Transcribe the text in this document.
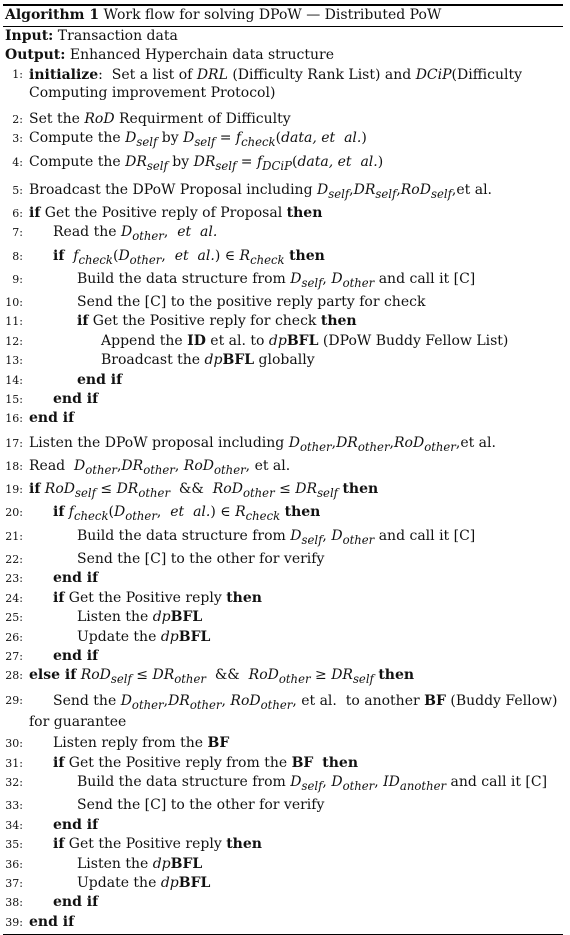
Algorithm 1 Work flow for solving DPoW — Distributed PoW
Input: Transaction data
Output: Enhanced Hyperchain data structure
1: initialize:  Set a list of DRL (Difficulty Rank List) and DCiP(Difficulty Computing improvement Protocol)
2: Set the RoD Requirment of Difficulty
3: Compute the $D_{self}$ by $D_{self}$ = $f_{check}(data$, et  al.)
4: Compute the $DR_{self}$ by $DR_{self}$ = $f_{DCiP}(data$, et  al.)
5: Broadcast the DPoW Proposal including $D_{self},DR_{self},RoD_{self},et$ al.
6: if Get the Positive reply of Proposal then
7: Read the $D_{other}$,  et  al.
8: if $f_{check}(D_{other}$,  et  al.) ∈ $R_{check}$ then
9:	Build the data structure from $D_{self}$, $D_{other}$ and call it [C]
10:	Send the [C] to the positive reply party for check
11:	if Get the Positive reply for check then
12:	Append the ID et al. to dpBFL (DPoW Buddy Fellow List)
13:	Broadcast the dpBFL globally
14:	end if
15: end if
16: end if
17: Listen the DPoW proposal including $D_{other},DR_{other},RoD_{other},et$ al.
18: Read  $D_{other},DR_{other}$, RoD$_{other}$, et al.
19: if $RoD_{self} \le DR_{other}$  &&  $RoD_{other} \le DR_{self}$ then
20: if $f_{check}(D_{other}$,  et  al.) ∈ $R_{check}$ then
21:	Build the data structure from $D_{self}$, $D_{other}$ and call it [C]
22:	Send the [C] to the other for verify
23: end if
24: if Get the Positive reply then
25:	Listen the dpBFL
26:	Update the dpBFL
27: end if
28: else if $RoD_{self} \le DR_{other}$  &&  $RoD_{other} \ge DR_{self}$ then
29: Send the $D_{other},DR_{other}$, RoD$_{other}$, et al.  to another BF (Buddy Fellow) for guarantee
30: Listen reply from the BF
31: if Get the Positive reply from the BF then
32:	Build the data structure from $D_{self}$, $D_{other}$, $ID_{another}$ and call it [C]
33:	Send the [C] to the other for verify
34: end if
35: if Get the Positive reply then
36:	Listen the dpBFL
37:	Update the dpBFL
38: end if
39: end if
